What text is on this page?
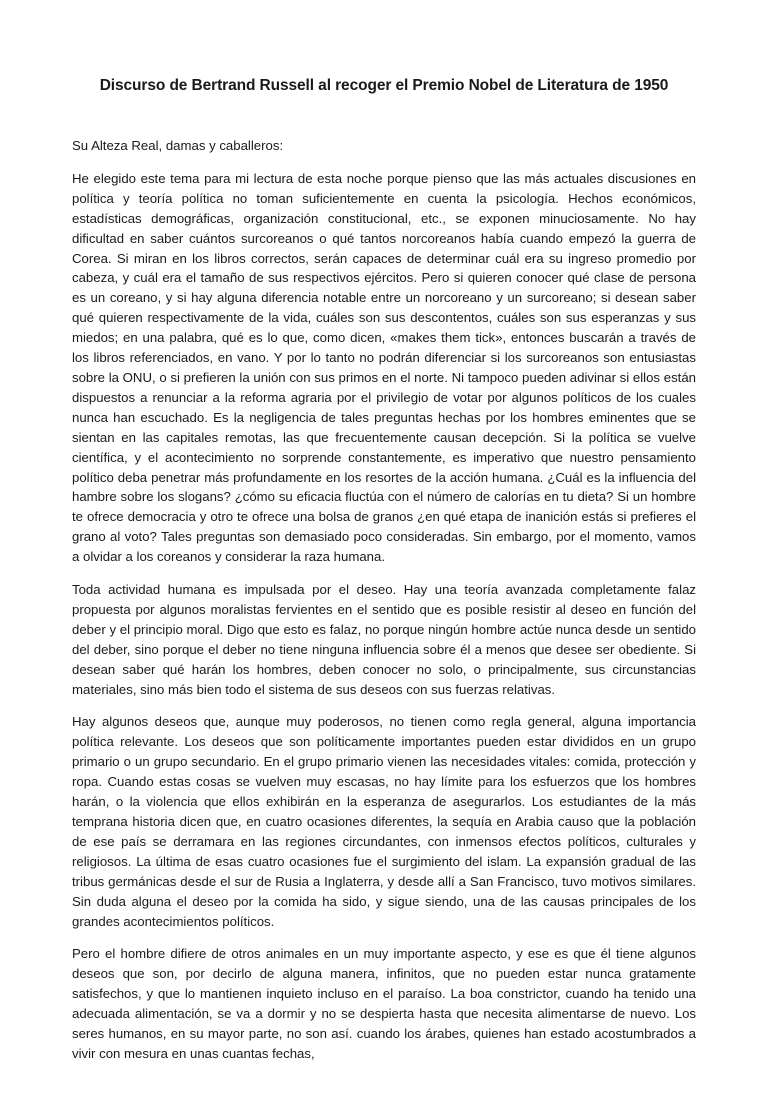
Discurso de Bertrand Russell al recoger el Premio Nobel de Literatura de 1950

Su Alteza Real, damas y caballeros:

He elegido este tema para mi lectura de esta noche porque pienso que las más actuales discusiones en política y teoría política no toman suficientemente en cuenta la psicología. Hechos económicos, estadísticas demográficas, organización constitucional, etc., se exponen minuciosamente. No hay dificultad en saber cuántos surcoreanos o qué tantos norcoreanos había cuando empezó la guerra de Corea. Si miran en los libros correctos, serán capaces de determinar cuál era su ingreso promedio por cabeza, y cuál era el tamaño de sus respectivos ejércitos. Pero si quieren conocer qué clase de persona es un coreano, y si hay alguna diferencia notable entre un norcoreano y un surcoreano; si desean saber qué quieren respectivamente de la vida, cuáles son sus descontentos, cuáles son sus esperanzas y sus miedos; en una palabra, qué es lo que, como dicen, «makes them tick», entonces buscarán a través de los libros referenciados, en vano. Y por lo tanto no podrán diferenciar si los surcoreanos son entusiastas sobre la ONU, o si prefieren la unión con sus primos en el norte. Ni tampoco pueden adivinar si ellos están dispuestos a renunciar a la reforma agraria por el privilegio de votar por algunos políticos de los cuales nunca han escuchado. Es la negligencia de tales preguntas hechas por los hombres eminentes que se sientan en las capitales remotas, las que frecuentemente causan decepción. Si la política se vuelve científica, y el acontecimiento no sorprende constantemente, es imperativo que nuestro pensamiento político deba penetrar más profundamente en los resortes de la acción humana. ¿Cuál es la influencia del hambre sobre los slogans? ¿cómo su eficacia fluctúa con el número de calorías en tu dieta? Si un hombre te ofrece democracia y otro te ofrece una bolsa de granos ¿en qué etapa de inanición estás si prefieres el grano al voto? Tales preguntas son demasiado poco consideradas. Sin embargo, por el momento, vamos a olvidar a los coreanos y considerar la raza humana.

Toda actividad humana es impulsada por el deseo. Hay una teoría avanzada completamente falaz propuesta por algunos moralistas fervientes en el sentido que es posible resistir al deseo en función del deber y el principio moral. Digo que esto es falaz, no porque ningún hombre actúe nunca desde un sentido del deber, sino porque el deber no tiene ninguna influencia sobre él a menos que desee ser obediente. Si desean saber qué harán los hombres, deben conocer no solo, o principalmente, sus circunstancias materiales, sino más bien todo el sistema de sus deseos con sus fuerzas relativas.

Hay algunos deseos que, aunque muy poderosos, no tienen como regla general, alguna importancia política relevante. Los deseos que son políticamente importantes pueden estar divididos en un grupo primario o un grupo secundario. En el grupo primario vienen las necesidades vitales: comida, protección y ropa. Cuando estas cosas se vuelven muy escasas, no hay límite para los esfuerzos que los hombres harán, o la violencia que ellos exhibirán en la esperanza de asegurarlos. Los estudiantes de la más temprana historia dicen que, en cuatro ocasiones diferentes, la sequía en Arabia causo que la población de ese país se derramara en las regiones circundantes, con inmensos efectos políticos, culturales y religiosos. La última de esas cuatro ocasiones fue el surgimiento del islam. La expansión gradual de las tribus germánicas desde el sur de Rusia a Inglaterra, y desde allí a San Francisco, tuvo motivos similares. Sin duda alguna el deseo por la comida ha sido, y sigue siendo, una de las causas principales de los grandes acontecimientos políticos.

Pero el hombre difiere de otros animales en un muy importante aspecto, y ese es que él tiene algunos deseos que son, por decirlo de alguna manera, infinitos, que no pueden estar nunca gratamente satisfechos, y que lo mantienen inquieto incluso en el paraíso. La boa constrictor, cuando ha tenido una adecuada alimentación, se va a dormir y no se despierta hasta que necesita alimentarse de nuevo. Los seres humanos, en su mayor parte, no son así. cuando los árabes, quienes han estado acostumbrados a vivir con mesura en unas cuantas fechas,
